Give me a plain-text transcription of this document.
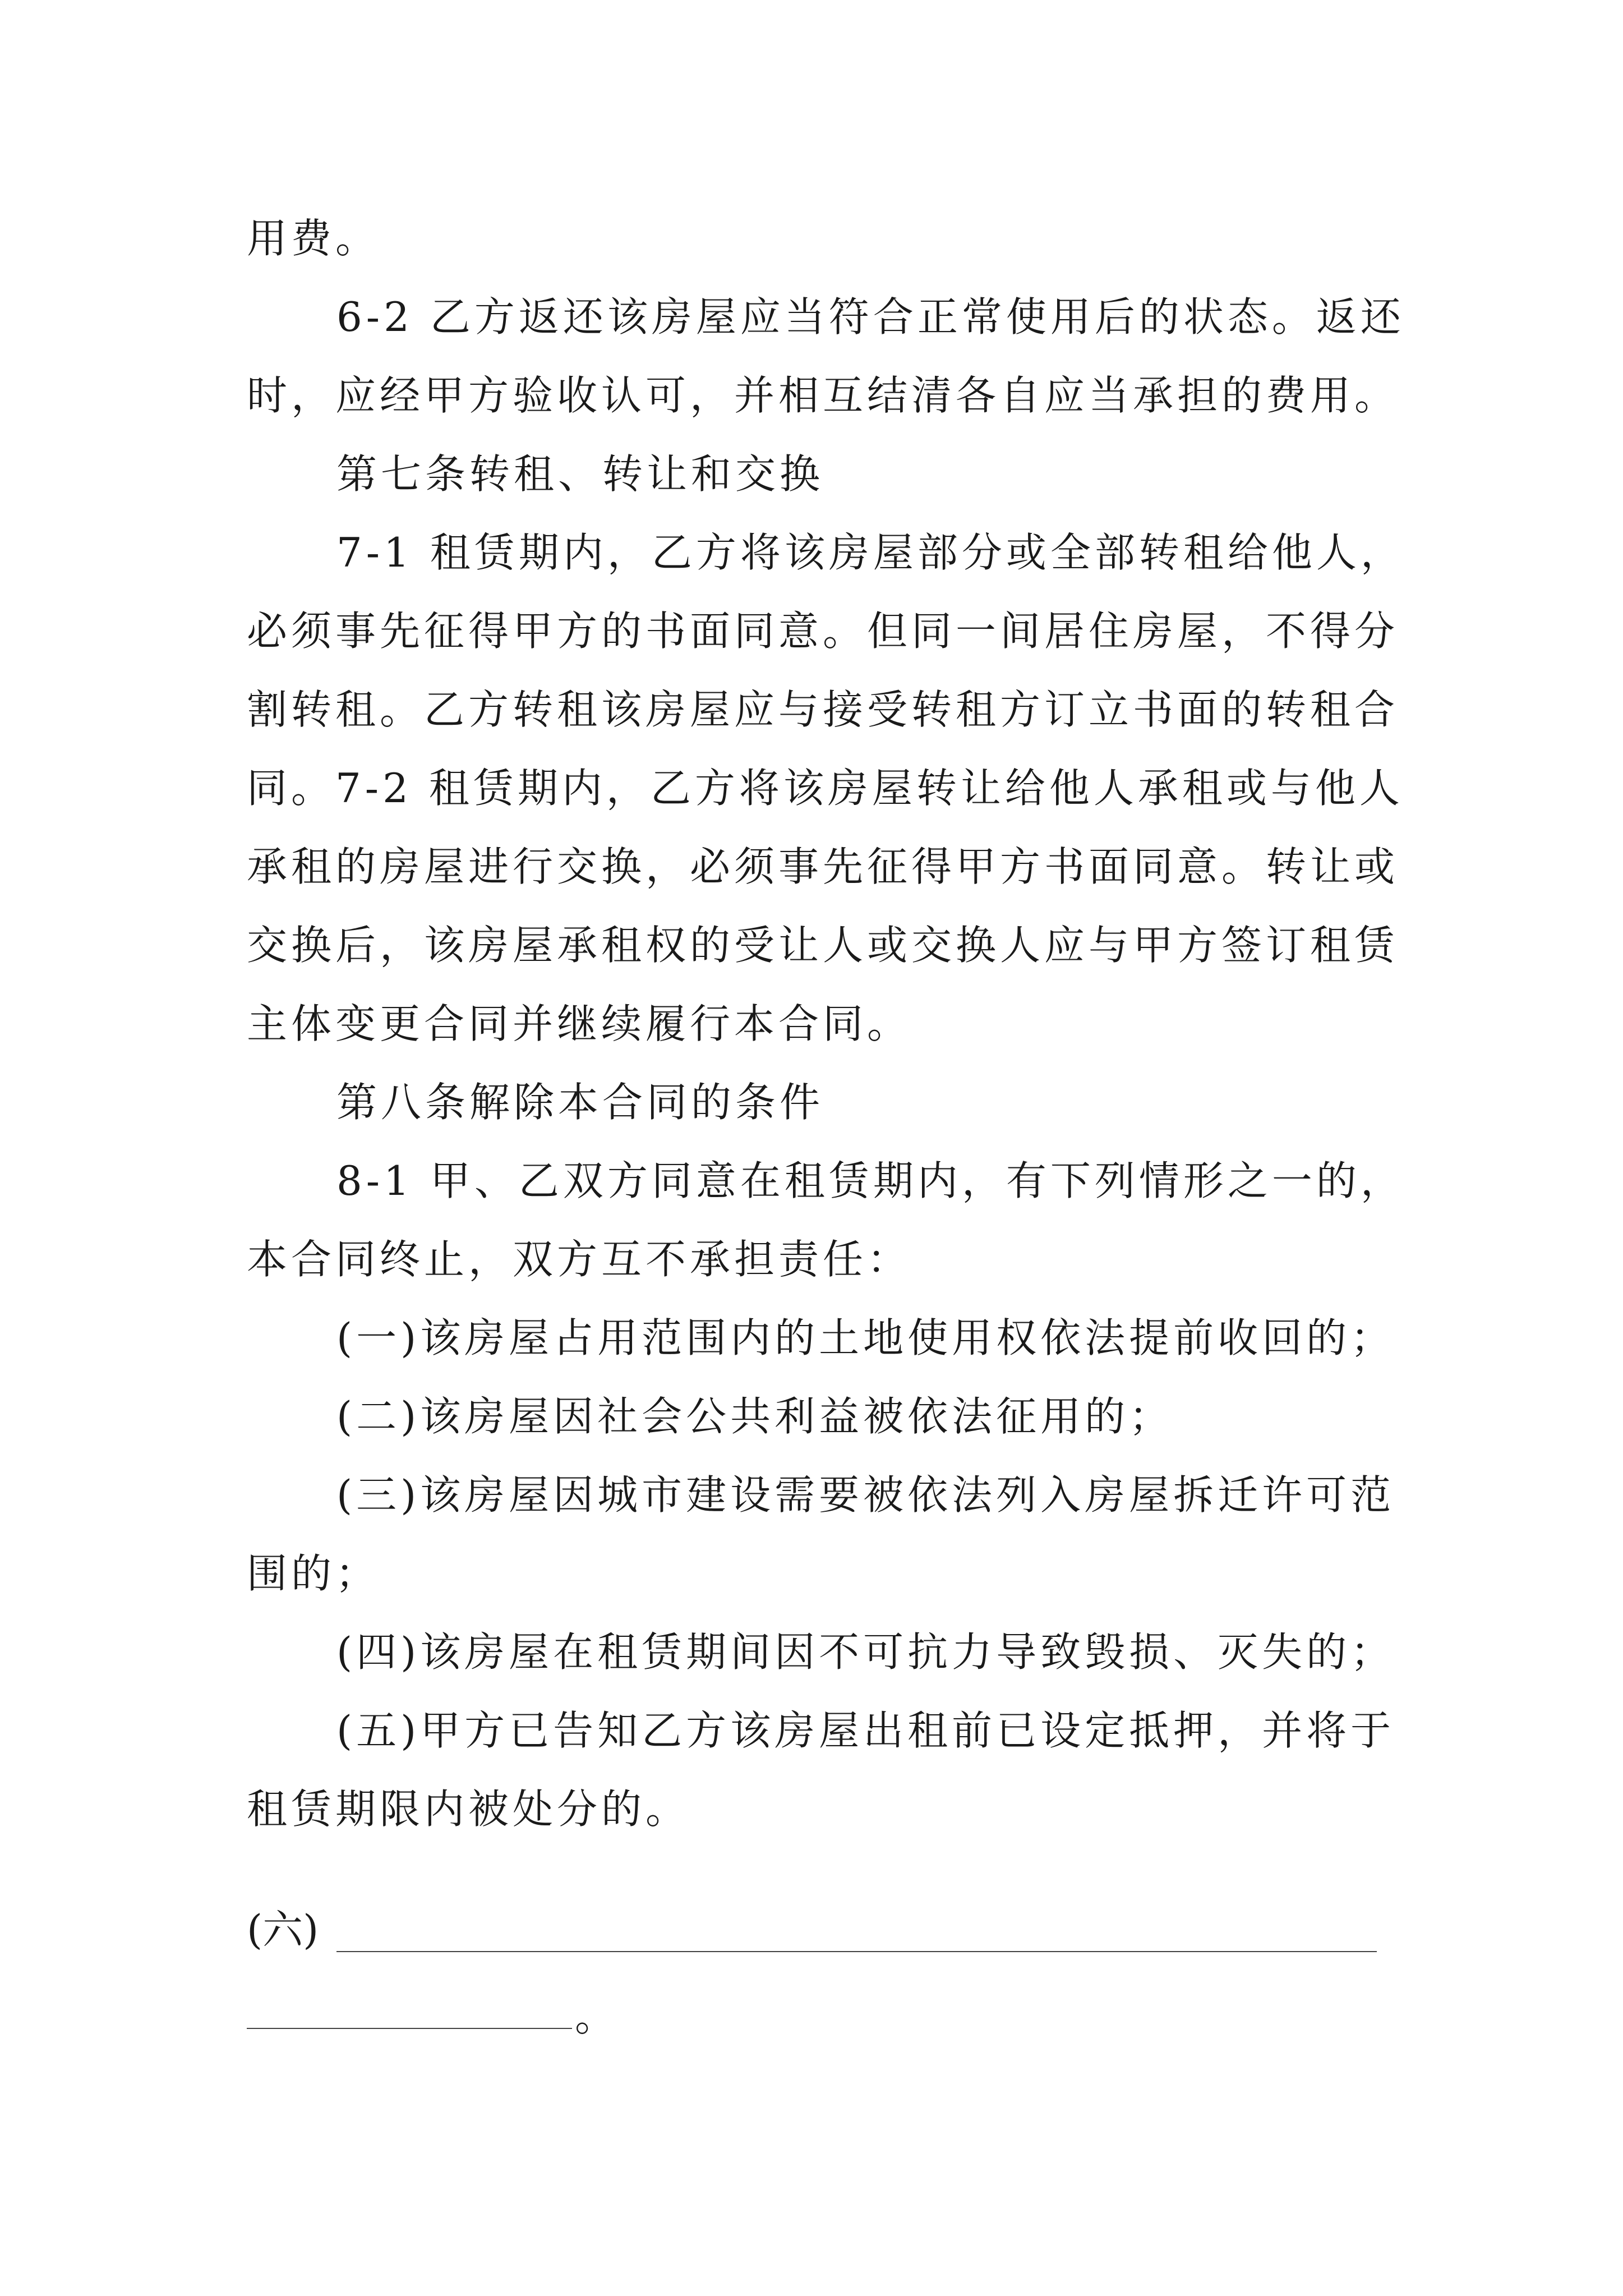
用费。
6-2 乙方返还该房屋应当符合正常使用后的状态。返还
时，应经甲方验收认可，并相互结清各自应当承担的费用。
第七条转租、转让和交换
7-1 租赁期内，乙方将该房屋部分或全部转租给他人，
必须事先征得甲方的书面同意。但同一间居住房屋，不得分
割转租。乙方转租该房屋应与接受转租方订立书面的转租合
同。7-2 租赁期内，乙方将该房屋转让给他人承租或与他人
承租的房屋进行交换，必须事先征得甲方书面同意。转让或
交换后，该房屋承租权的受让人或交换人应与甲方签订租赁
主体变更合同并继续履行本合同。
第八条解除本合同的条件
8-1 甲、乙双方同意在租赁期内，有下列情形之一的，
本合同终止，双方互不承担责任：
(一)该房屋占用范围内的土地使用权依法提前收回的；
(二)该房屋因社会公共利益被依法征用的；
(三)该房屋因城市建设需要被依法列入房屋拆迁许可范
围的；
(四)该房屋在租赁期间因不可抗力导致毁损、灭失的；
(五)甲方已告知乙方该房屋出租前已设定抵押，并将于
租赁期限内被处分的。
(六)
。
